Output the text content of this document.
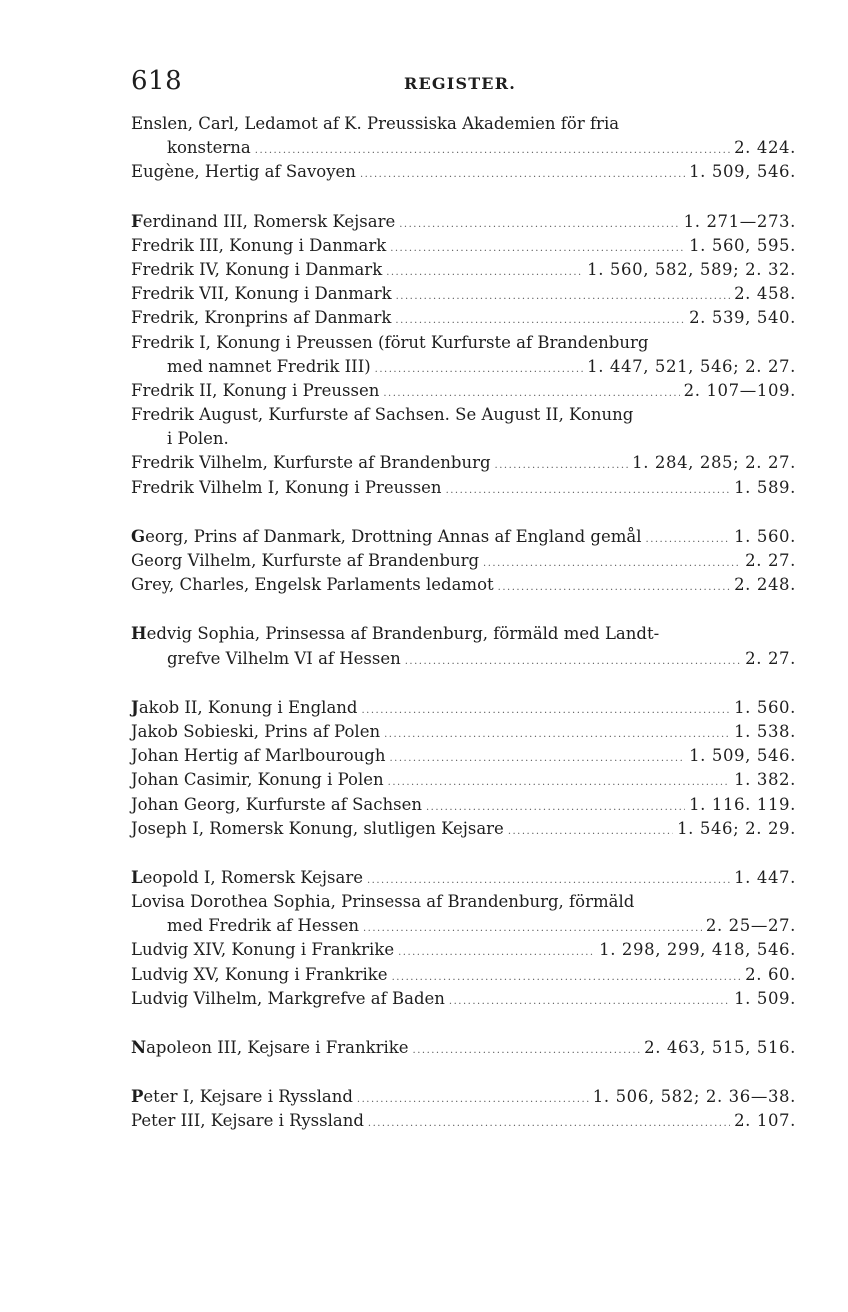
618	REGISTER.
Enslen, Carl, Ledamot af K. Preussiska Akademien för fria
konsterna .....	2. 424.
Eugène, Hertig af Savoyen .....	1. 509, 546.
Ferdinand III, Romersk Kejsare .....	1. 271—273.
Fredrik III, Konung i Danmark .....	1. 560, 595.
Fredrik IV, Konung i Danmark .....	1. 560, 582, 589; 2. 32.
Fredrik VII, Konung i Danmark .....	2. 458.
Fredrik, Kronprins af Danmark .....	2. 539, 540.
Fredrik I, Konung i Preussen (förut Kurfurste af Brandenburg
med namnet Fredrik III) .....	1. 447, 521, 546; 2. 27.
Fredrik II, Konung i Preussen .....	2. 107—109.
Fredrik August, Kurfurste af Sachsen. Se August II, Konung
i Polen.
Fredrik Vilhelm, Kurfurste af Brandenburg .....	1. 284, 285; 2. 27.
Fredrik Vilhelm I, Konung i Preussen .....	1. 589.
Georg, Prins af Danmark, Drottning Annas af England gemål .....	1. 560.
Georg Vilhelm, Kurfurste af Brandenburg .....	2. 27.
Grey, Charles, Engelsk Parlaments ledamot .....	2. 248.
Hedvig Sophia, Prinsessa af Brandenburg, förmäld med Landt-
grefve Vilhelm VI af Hessen .....	2. 27.
Jakob II, Konung i England .....	1. 560.
Jakob Sobieski, Prins af Polen .....	1. 538.
Johan Hertig af Marlbourough .....	1. 509, 546.
Johan Casimir, Konung i Polen .....	1. 382.
Johan Georg, Kurfurste af Sachsen .....	1. 116. 119.
Joseph I, Romersk Konung, slutligen Kejsare .....	1. 546; 2. 29.
Leopold I, Romersk Kejsare .....	1. 447.
Lovisa Dorothea Sophia, Prinsessa af Brandenburg, förmäld
med Fredrik af Hessen .....	2. 25—27.
Ludvig XIV, Konung i Frankrike .....	1. 298, 299, 418, 546.
Ludvig XV, Konung i Frankrike .....	2. 60.
Ludvig Vilhelm, Markgrefve af Baden .....	1. 509.
Napoleon III, Kejsare i Frankrike .....	2. 463, 515, 516.
Peter I, Kejsare i Ryssland .....	1. 506, 582; 2. 36—38.
Peter III, Kejsare i Ryssland .....	2. 107.
